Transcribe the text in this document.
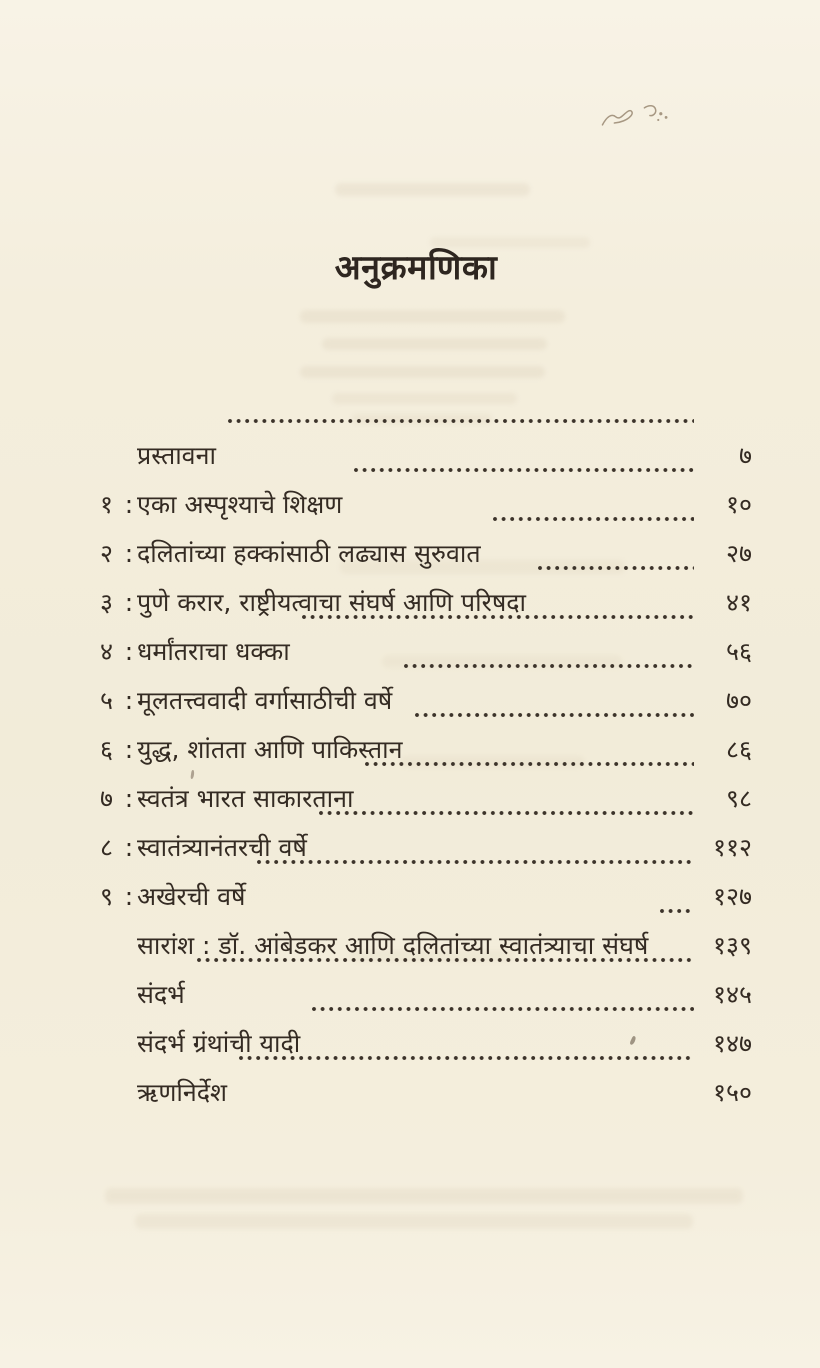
अनुक्रमणिका
प्रस्तावना	७
१ : एका अस्पृश्याचे शिक्षण	१०
२ : दलितांच्या हक्कांसाठी लढ्यास सुरुवात	२७
३ : पुणे करार, राष्ट्रीयत्वाचा संघर्ष आणि परिषदा	४१
४ : धर्मांतराचा धक्का	५६
५ : मूलतत्त्ववादी वर्गासाठीची वर्षे	७०
६ : युद्ध, शांतता आणि पाकिस्तान	८६
७ : स्वतंत्र भारत साकारताना	९८
८ : स्वातंत्र्यानंतरची वर्षे	११२
९ : अखेरची वर्षे	१२७
सारांश : डॉ. आंबेडकर आणि दलितांच्या स्वातंत्र्याचा संघर्ष	१३९
संदर्भ	१४५
संदर्भ ग्रंथांची यादी	१४७
ऋणनिर्देश	१५०
